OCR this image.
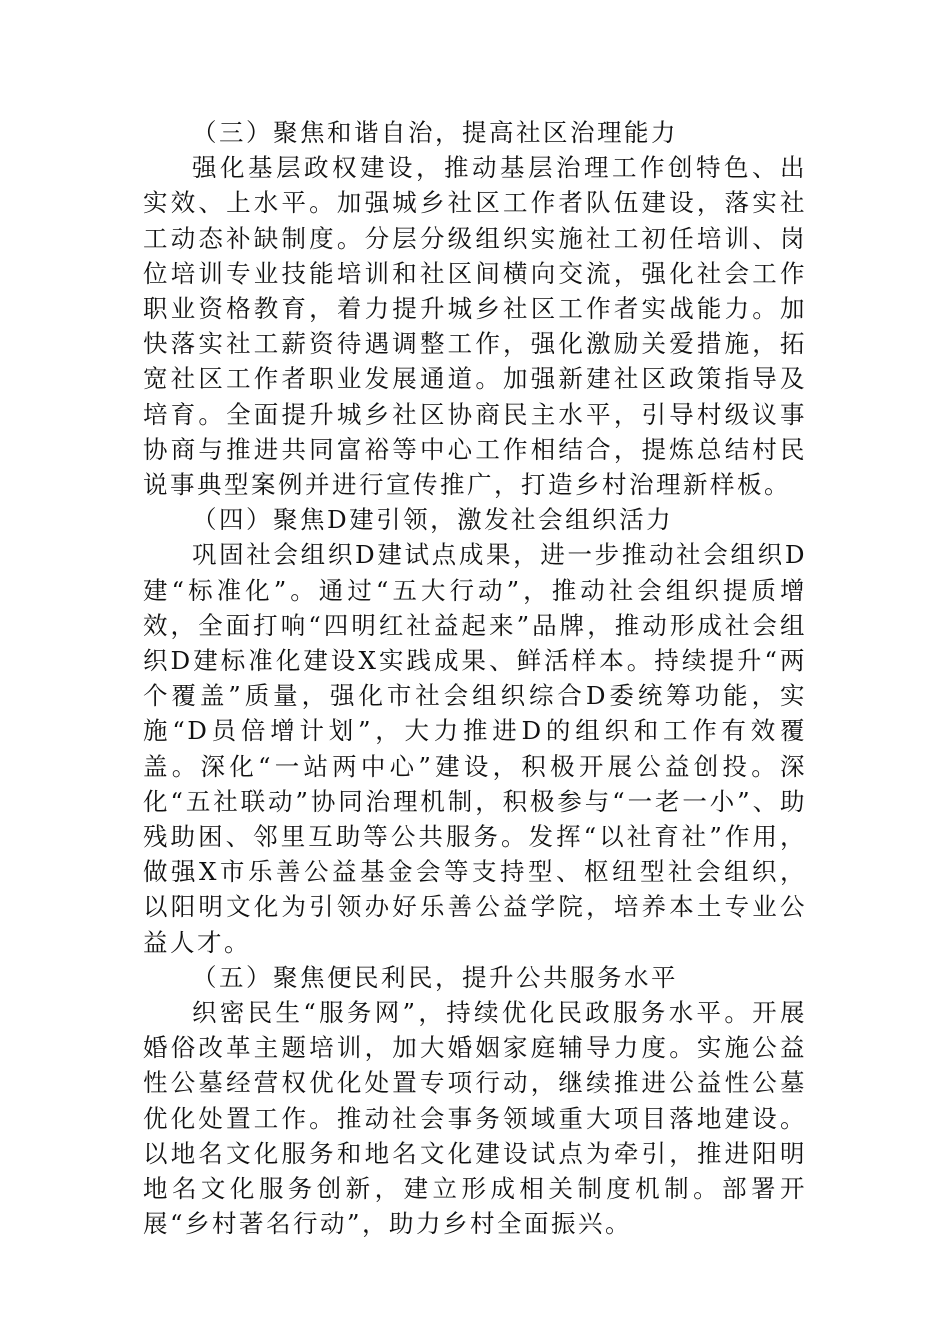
（三）聚焦和谐自治，提高社区治理能力

强化基层政权建设，推动基层治理工作创特色、出实效、上水平。加强城乡社区工作者队伍建设，落实社工动态补缺制度。分层分级组织实施社工初任培训、岗位培训专业技能培训和社区间横向交流，强化社会工作职业资格教育，着力提升城乡社区工作者实战能力。加快落实社工薪资待遇调整工作，强化激励关爱措施，拓宽社区工作者职业发展通道。加强新建社区政策指导及培育。全面提升城乡社区协商民主水平，引导村级议事协商与推进共同富裕等中心工作相结合，提炼总结村民说事典型案例并进行宣传推广，打造乡村治理新样板。

（四）聚焦D建引领，激发社会组织活力

巩固社会组织D建试点成果，进一步推动社会组织D建“标准化”。通过“五大行动”，推动社会组织提质增效，全面打响“四明红社益起来”品牌，推动形成社会组织D建标准化建设X实践成果、鲜活样本。持续提升“两个覆盖”质量，强化市社会组织综合D委统筹功能，实施“D员倍增计划”，大力推进D的组织和工作有效覆盖。深化“一站两中心”建设，积极开展公益创投。深化“五社联动”协同治理机制，积极参与“一老一小”、助残助困、邻里互助等公共服务。发挥“以社育社”作用，做强X市乐善公益基金会等支持型、枢纽型社会组织，以阳明文化为引领办好乐善公益学院，培养本土专业公益人才。

（五）聚焦便民利民，提升公共服务水平

织密民生“服务网”，持续优化民政服务水平。开展婚俗改革主题培训，加大婚姻家庭辅导力度。实施公益性公墓经营权优化处置专项行动，继续推进公益性公墓优化处置工作。推动社会事务领域重大项目落地建设。以地名文化服务和地名文化建设试点为牵引，推进阳明地名文化服务创新，建立形成相关制度机制。部署开展“乡村著名行动”，助力乡村全面振兴。
